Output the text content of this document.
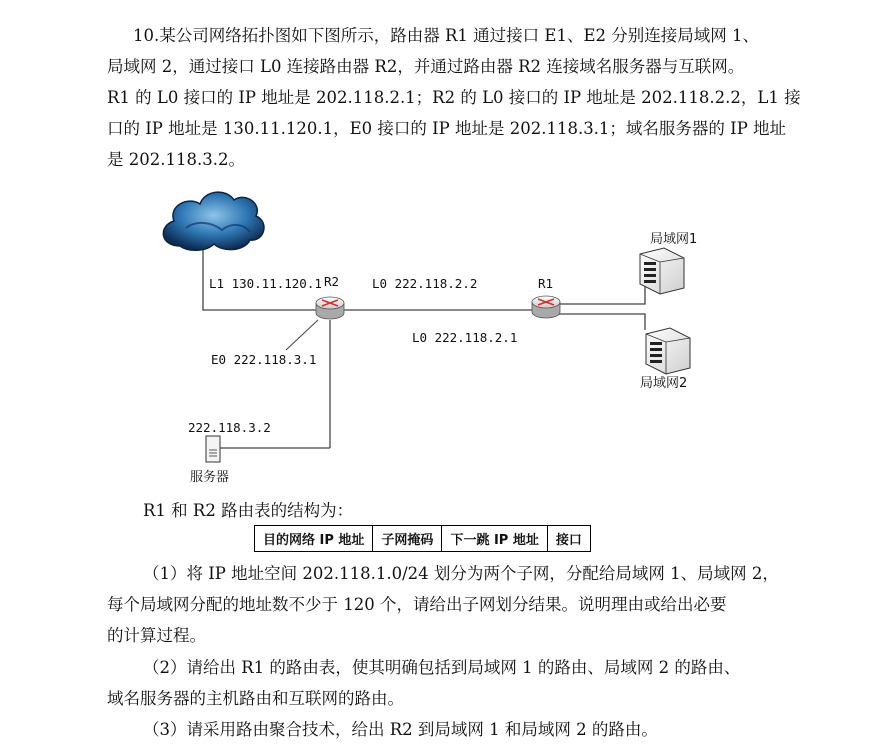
10.某公司网络拓扑图如下图所示，路由器 R1 通过接口 E1、E2 分别连接局域网 1、
局域网 2，通过接口 L0 连接路由器 R2，并通过路由器 R2 连接域名服务器与互联网。
R1 的 L0 接口的 IP 地址是 202.118.2.1；R2 的 L0 接口的 IP 地址是 202.118.2.2，L1 接
口的 IP 地址是 130.11.120.1，E0 接口的 IP 地址是 202.118.3.1；域名服务器的 IP 地址
是 202.118.3.2。
R2	R1
L1 130.11.120.1	L0 222.118.2.2
L0 222.118.2.1
E0 222.118.3.1
222.118.3.2
服务器
局域网1
局域网2
R1 和 R2 路由表的结构为：
目的网络 IP 地址	子网掩码	下一跳 IP 地址	接口
（1）将 IP 地址空间 202.118.1.0/24 划分为两个子网，分配给局域网 1、局域网 2，
每个局域网分配的地址数不少于 120 个，请给出子网划分结果。说明理由或给出必要
的计算过程。
（2）请给出 R1 的路由表，使其明确包括到局域网 1 的路由、局域网 2 的路由、
域名服务器的主机路由和互联网的路由。
（3）请采用路由聚合技术，给出 R2 到局域网 1 和局域网 2 的路由。
